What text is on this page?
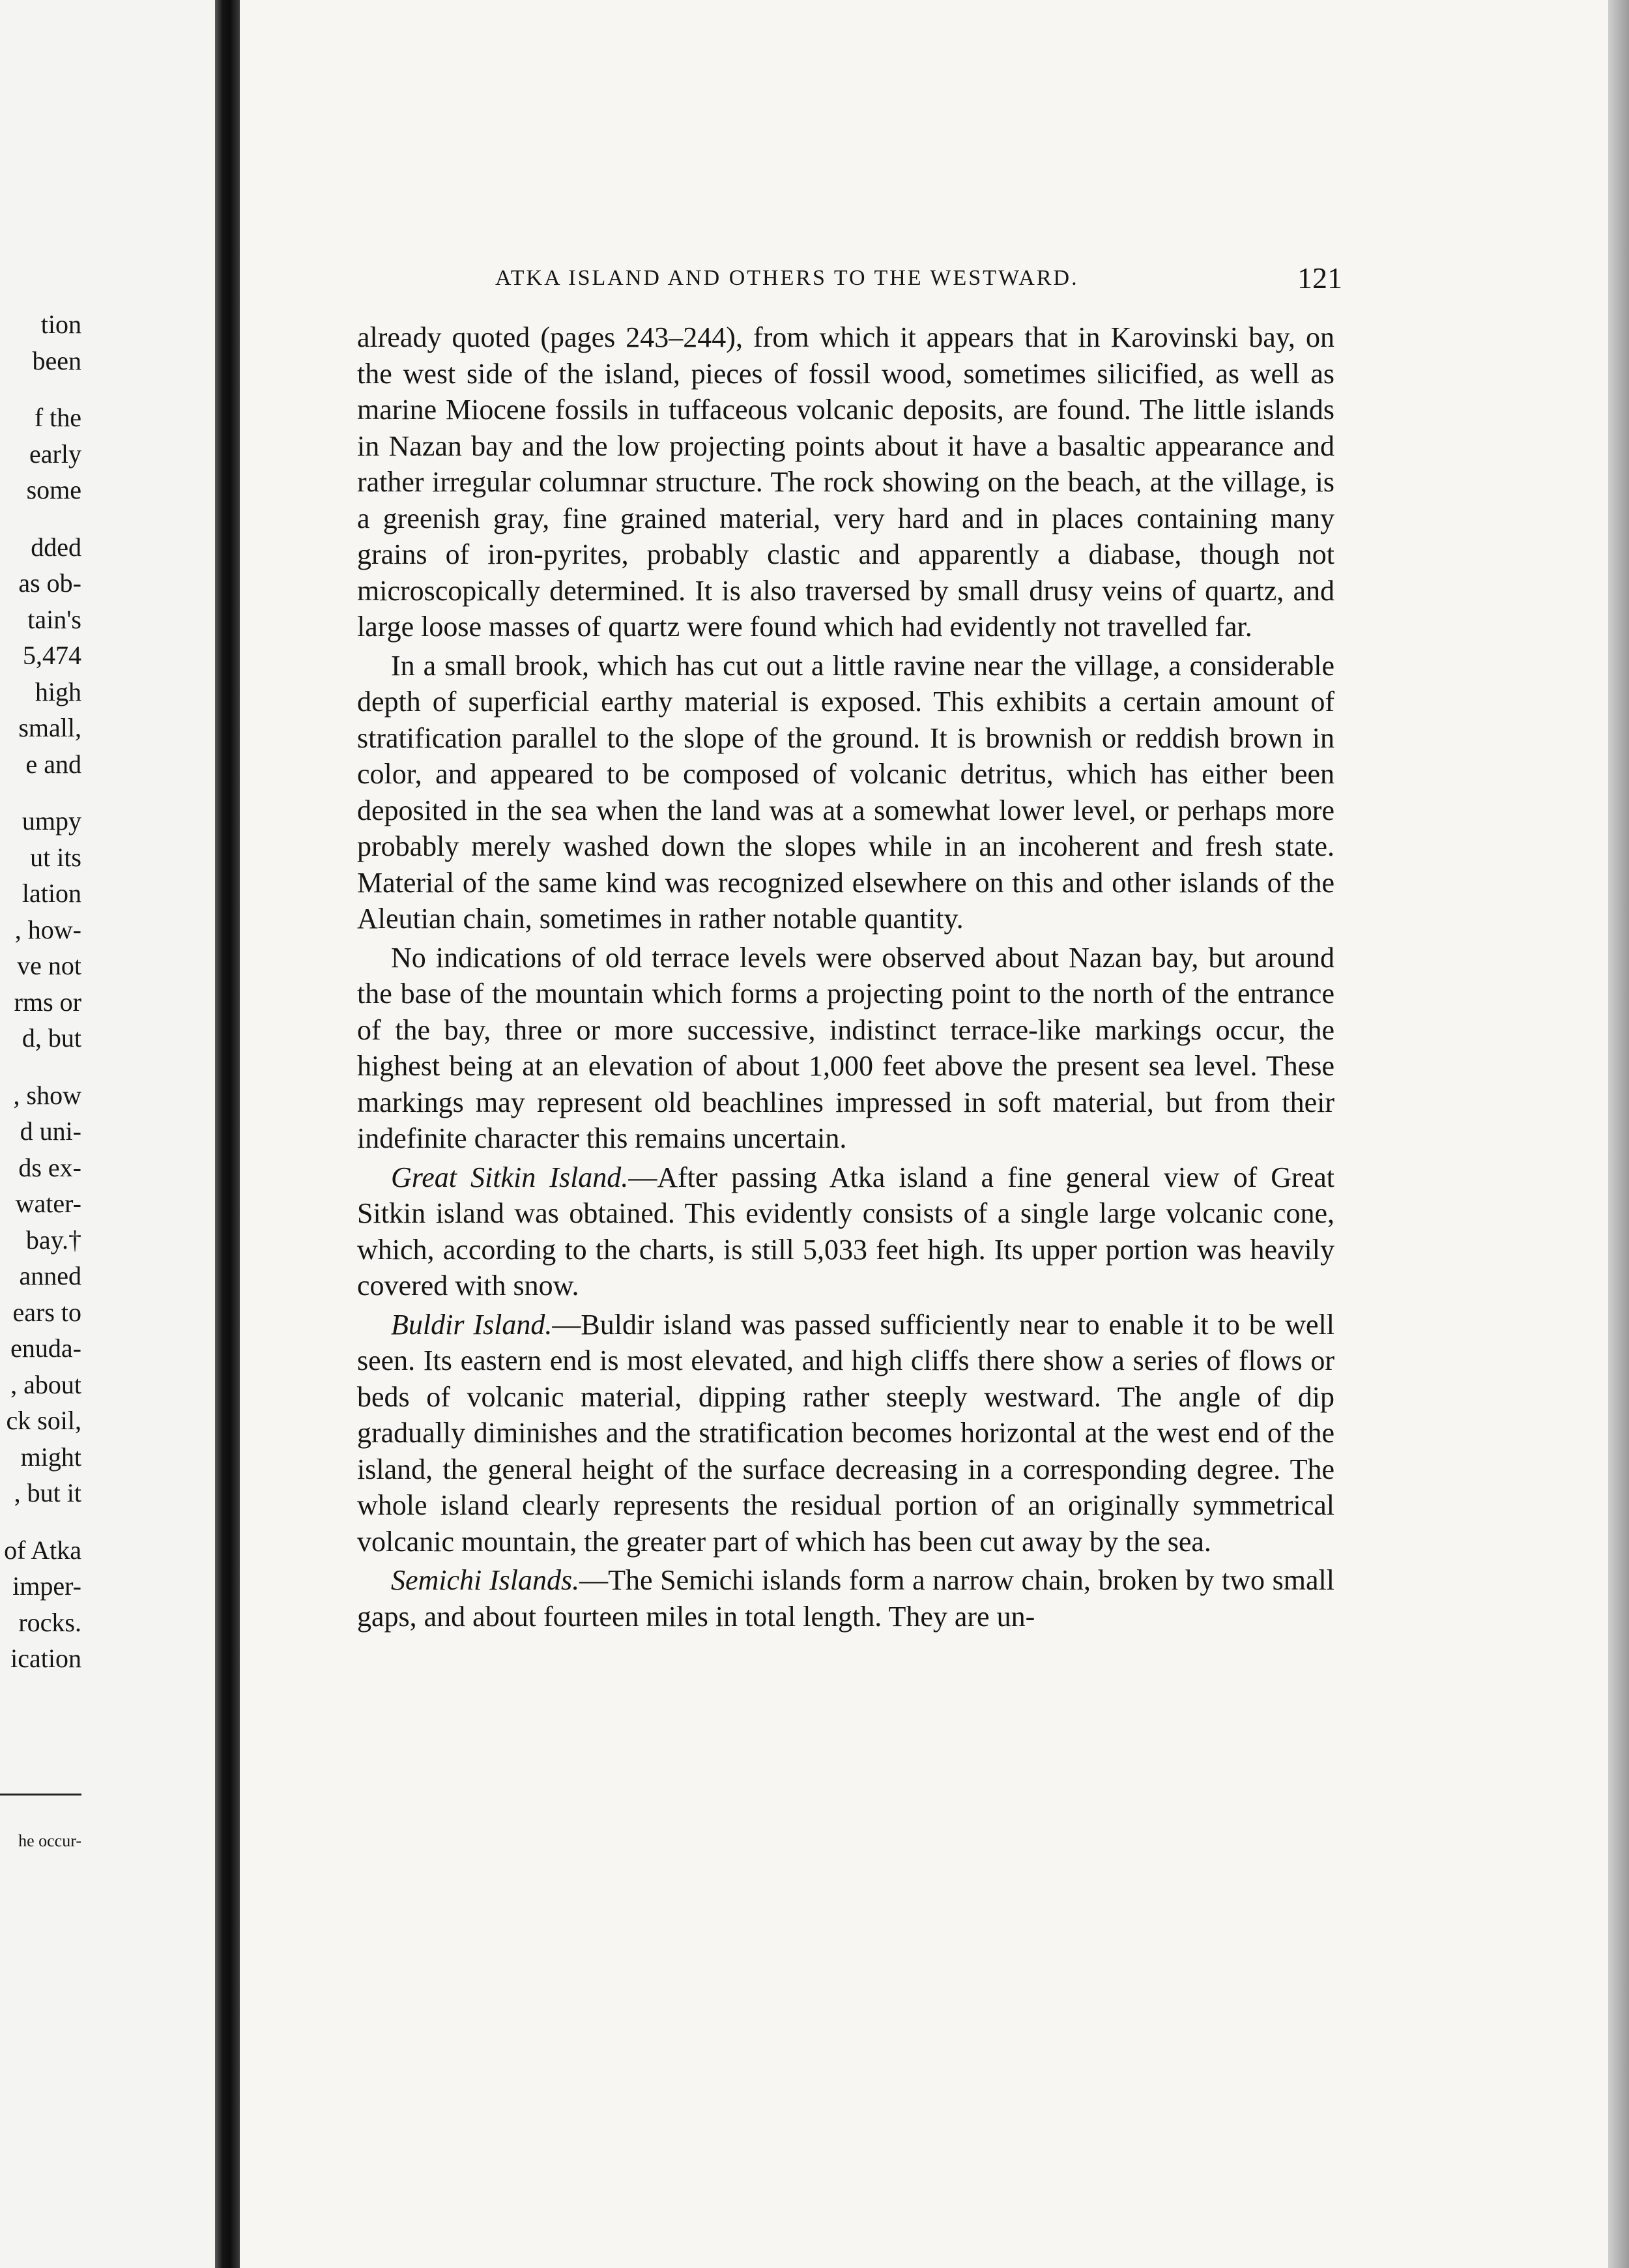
tion
been
f the
early
some
dded
as ob-
tain's
5,474
high
small,
e and
umpy
ut its
lation
, how-
ve not
rms or
d, but
, show
d uni-
ds ex-
water-
bay.†
anned
ears to
enuda-
, about
ck soil,
might
, but it
of Atka
imper-
rocks.
ication
he occur-
ATKA ISLAND AND OTHERS TO THE WESTWARD.	121

already quoted (pages 243–244), from which it appears that in Karovinski bay, on the west side of the island, pieces of fossil wood, sometimes silicified, as well as marine Miocene fossils in tuffaceous volcanic deposits, are found. The little islands in Nazan bay and the low projecting points about it have a basaltic appearance and rather irregular columnar structure. The rock showing on the beach, at the village, is a greenish gray, fine grained material, very hard and in places containing many grains of iron-pyrites, probably clastic and apparently a diabase, though not microscopically determined. It is also traversed by small drusy veins of quartz, and large loose masses of quartz were found which had evidently not travelled far.

In a small brook, which has cut out a little ravine near the village, a considerable depth of superficial earthy material is exposed. This exhibits a certain amount of stratification parallel to the slope of the ground. It is brownish or reddish brown in color, and appeared to be composed of volcanic detritus, which has either been deposited in the sea when the land was at a somewhat lower level, or perhaps more probably merely washed down the slopes while in an incoherent and fresh state. Material of the same kind was recognized elsewhere on this and other islands of the Aleutian chain, sometimes in rather notable quantity.

No indications of old terrace levels were observed about Nazan bay, but around the base of the mountain which forms a projecting point to the north of the entrance of the bay, three or more successive, indistinct terrace-like markings occur, the highest being at an elevation of about 1,000 feet above the present sea level. These markings may represent old beachlines impressed in soft material, but from their indefinite character this remains uncertain.

Great Sitkin Island.—After passing Atka island a fine general view of Great Sitkin island was obtained. This evidently consists of a single large volcanic cone, which, according to the charts, is still 5,033 feet high. Its upper portion was heavily covered with snow.

Buldir Island.—Buldir island was passed sufficiently near to enable it to be well seen. Its eastern end is most elevated, and high cliffs there show a series of flows or beds of volcanic material, dipping rather steeply westward. The angle of dip gradually diminishes and the stratification becomes horizontal at the west end of the island, the general height of the surface decreasing in a corresponding degree. The whole island clearly represents the residual portion of an originally symmetrical volcanic mountain, the greater part of which has been cut away by the sea.

Semichi Islands.—The Semichi islands form a narrow chain, broken by two small gaps, and about fourteen miles in total length. They are un-
